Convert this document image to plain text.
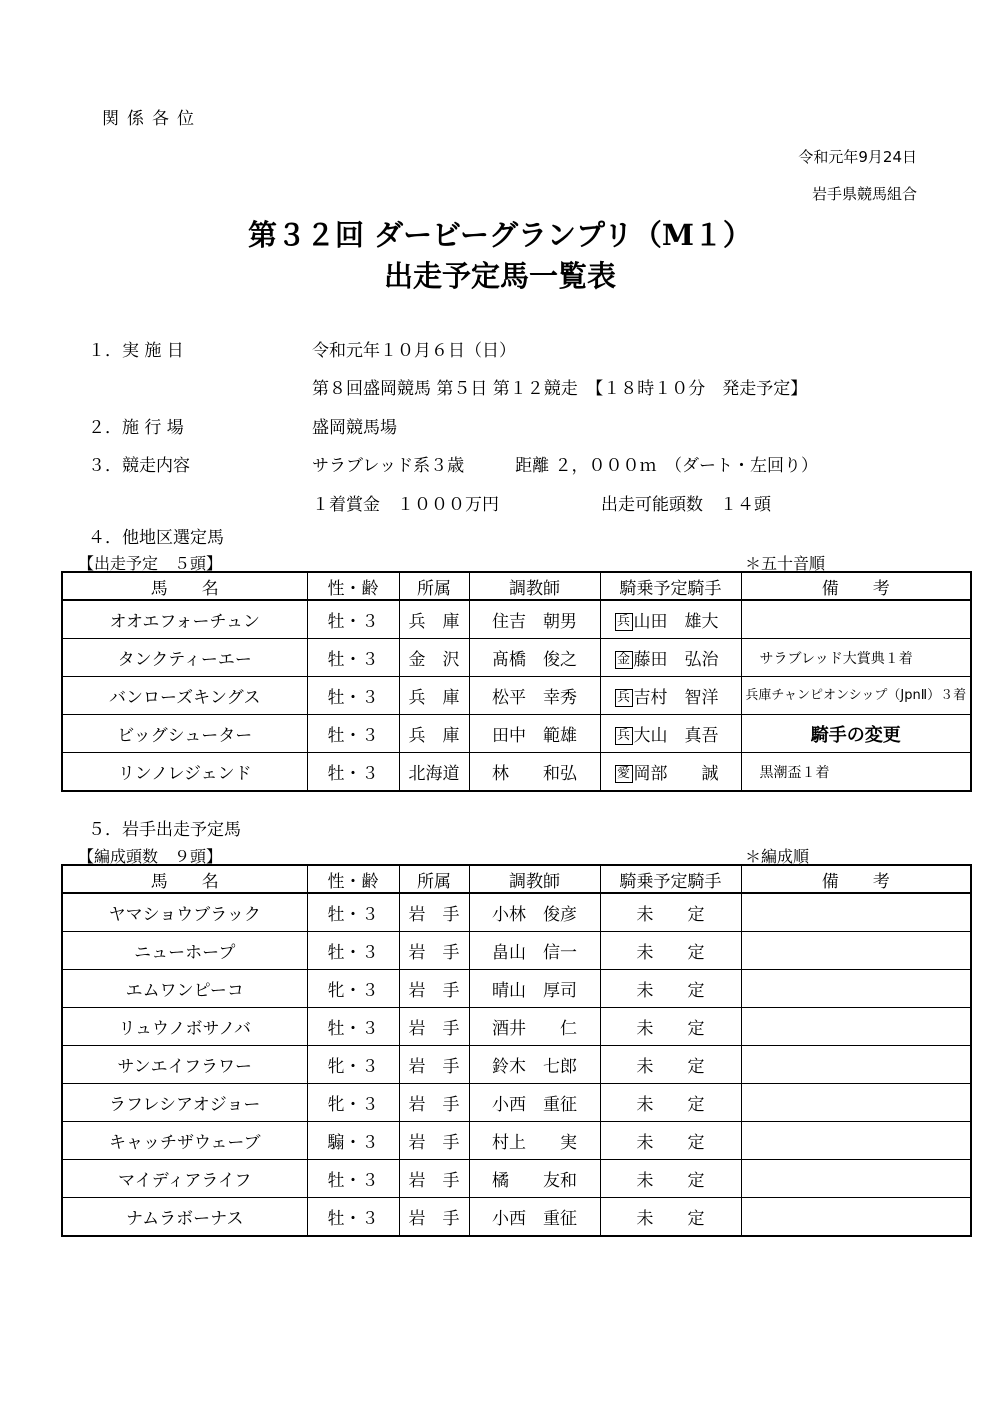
関係各位
令和元年9月24日
岩手県競馬組合
第３２回 ダービーグランプリ（M１）
出走予定馬一覧表
１．実 施 日	令和元年１０月６日（日）
第８回盛岡競馬 第５日 第１２競走　【１８時１０分　発走予定】
２．施 行 場	盛岡競馬場
３．競走内容	サラブレッド系３歳　　　距離 ２，０００ｍ　（ダート・左回り）
１着賞金　１０００万円　　　　　　出走可能頭数　１４頭
４．他地区選定馬
【出走予定　５頭】	＊五十音順
馬　　名	性・齢	所属	調教師	騎乗予定騎手	備　　考
オオエフォーチュン	牡・３	兵　庫	住吉　朝男	兵 山田　雄大	
タンクティーエー	牡・３	金　沢	髙橋　俊之	金 藤田　弘治	サラブレッド大賞典１着
バンローズキングス	牡・３	兵　庫	松平　幸秀	兵 吉村　智洋	兵庫チャンピオンシップ（JpnⅡ）３着
ビッグシューター	牡・３	兵　庫	田中　範雄	兵 大山　真吾	騎手の変更
リンノレジェンド	牡・３	北海道	林　　和弘	愛 岡部　　誠	黒潮盃１着
５．岩手出走予定馬
【編成頭数　９頭】	＊編成順
馬　　名	性・齢	所属	調教師	騎乗予定騎手	備　　考
ヤマショウブラック	牡・３	岩　手	小林　俊彦	未　　定	
ニューホープ	牡・３	岩　手	畠山　信一	未　　定	
エムワンピーコ	牝・３	岩　手	晴山　厚司	未　　定	
リュウノボサノバ	牡・３	岩　手	酒井　　仁	未　　定	
サンエイフラワー	牝・３	岩　手	鈴木　七郎	未　　定	
ラフレシアオジョー	牝・３	岩　手	小西　重征	未　　定	
キャッチザウェーブ	騸・３	岩　手	村上　　実	未　　定	
マイディアライフ	牡・３	岩　手	橘　　友和	未　　定	
ナムラボーナス	牡・３	岩　手	小西　重征	未　　定	
